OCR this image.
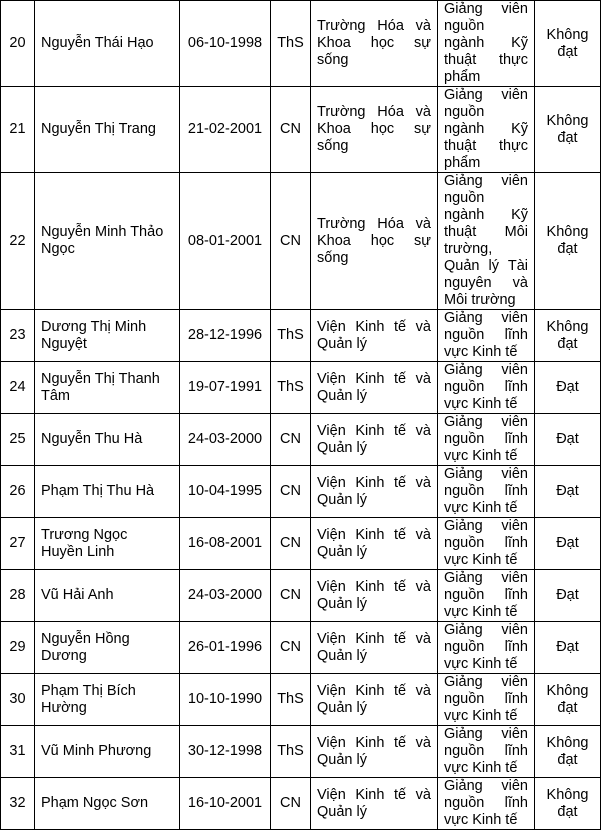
20	Nguyễn Thái Hạo	06-10-1998	ThS	Trường Hóa và Khoa học sự sống	Giảng viên nguồn ngành Kỹ thuật thực phẩm	Không đạt
21	Nguyễn Thị Trang	21-02-2001	CN	Trường Hóa và Khoa học sự sống	Giảng viên nguồn ngành Kỹ thuật thực phẩm	Không đạt
22	Nguyễn Minh Thảo Ngọc	08-01-2001	CN	Trường Hóa và Khoa học sự sống	Giảng viên nguồn ngành Kỹ thuật Môi trường, Quản lý Tài nguyên và Môi trường	Không đạt
23	Dương Thị Minh Nguyệt	28-12-1996	ThS	Viện Kinh tế và Quản lý	Giảng viên nguồn lĩnh vực Kinh tế	Không đạt
24	Nguyễn Thị Thanh Tâm	19-07-1991	ThS	Viện Kinh tế và Quản lý	Giảng viên nguồn lĩnh vực Kinh tế	Đạt
25	Nguyễn Thu Hà	24-03-2000	CN	Viện Kinh tế và Quản lý	Giảng viên nguồn lĩnh vực Kinh tế	Đạt
26	Phạm Thị Thu Hà	10-04-1995	CN	Viện Kinh tế và Quản lý	Giảng viên nguồn lĩnh vực Kinh tế	Đạt
27	Trương Ngọc Huyền Linh	16-08-2001	CN	Viện Kinh tế và Quản lý	Giảng viên nguồn lĩnh vực Kinh tế	Đạt
28	Vũ Hải Anh	24-03-2000	CN	Viện Kinh tế và Quản lý	Giảng viên nguồn lĩnh vực Kinh tế	Đạt
29	Nguyễn Hồng Dương	26-01-1996	CN	Viện Kinh tế và Quản lý	Giảng viên nguồn lĩnh vực Kinh tế	Đạt
30	Phạm Thị Bích Hường	10-10-1990	ThS	Viện Kinh tế và Quản lý	Giảng viên nguồn lĩnh vực Kinh tế	Không đạt
31	Vũ Minh Phương	30-12-1998	ThS	Viện Kinh tế và Quản lý	Giảng viên nguồn lĩnh vực Kinh tế	Không đạt
32	Phạm Ngọc Sơn	16-10-2001	CN	Viện Kinh tế và Quản lý	Giảng viên nguồn lĩnh vực Kinh tế	Không đạt
